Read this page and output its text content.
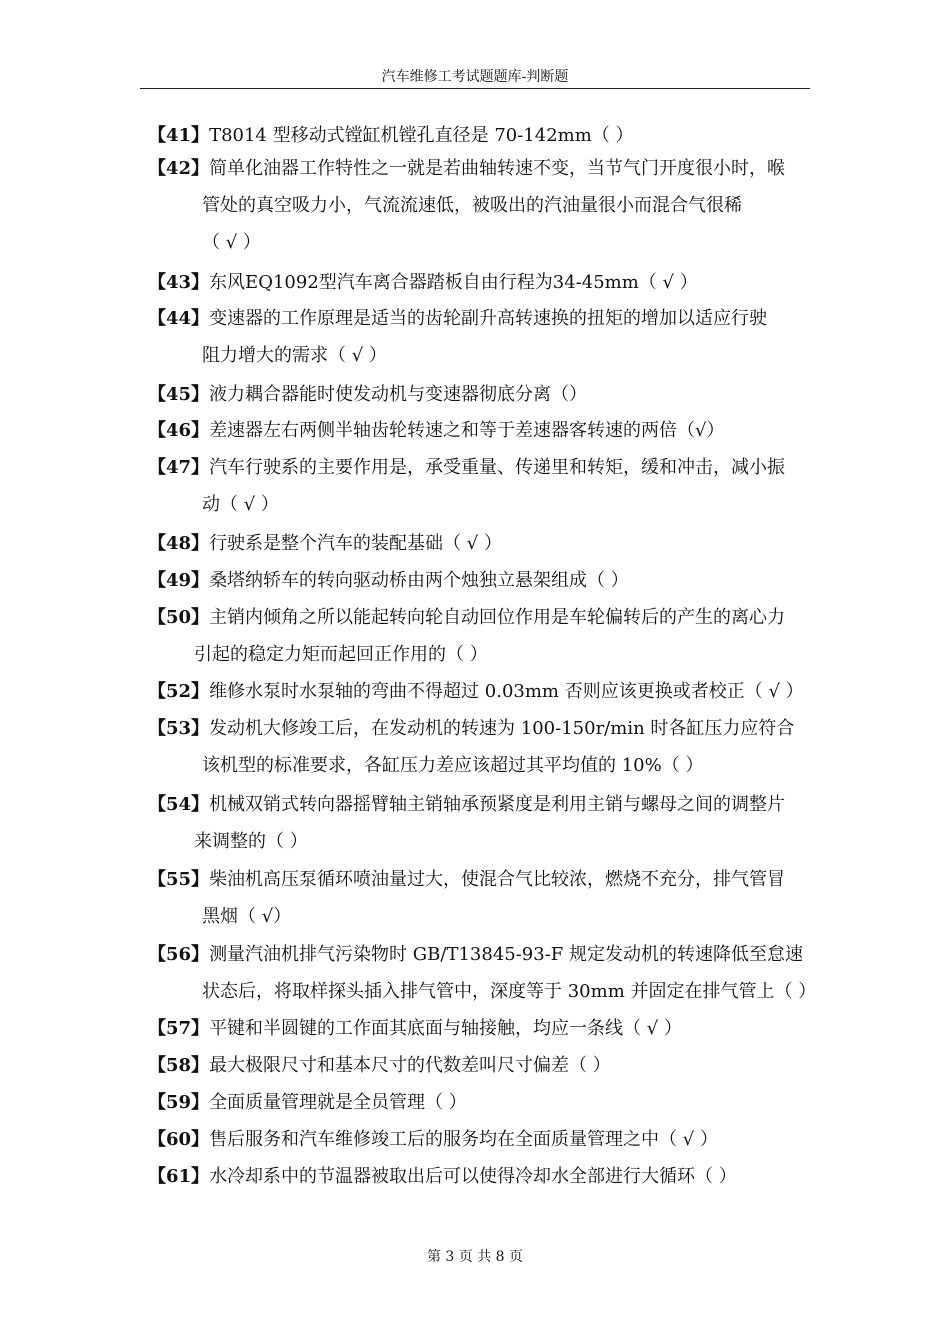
汽车维修工考试题题库-判断题
【41】T8014 型移动式镗缸机镗孔直径是 70-142mm（ ）
【42】简单化油器工作特性之一就是若曲轴转速不变，当节气门开度很小时，喉
管处的真空吸力小，气流流速低，被吸出的汽油量很小而混合气很稀
（ √ ）
【43】东风EQ1092型汽车离合器踏板自由行程为34-45mm（ √ ）
【44】变速器的工作原理是适当的齿轮副升高转速换的扭矩的增加以适应行驶
阻力增大的需求（ √ ）
【45】液力耦合器能时使发动机与变速器彻底分离（）
【46】差速器左右两侧半轴齿轮转速之和等于差速器客转速的两倍（√）
【47】汽车行驶系的主要作用是，承受重量、传递里和转矩，缓和冲击，减小振
动（ √ ）
【48】行驶系是整个汽车的装配基础（ √ ）
【49】桑塔纳轿车的转向驱动桥由两个烛独立悬架组成（ ）
【50】主销内倾角之所以能起转向轮自动回位作用是车轮偏转后的产生的离心力
引起的稳定力矩而起回正作用的（ ）
【52】维修水泵时水泵轴的弯曲不得超过 0.03mm 否则应该更换或者校正（ √ ）
【53】发动机大修竣工后，在发动机的转速为 100-150r/min 时各缸压力应符合
该机型的标准要求，各缸压力差应该超过其平均值的 10%（ ）
【54】机械双销式转向器摇臂轴主销轴承预紧度是利用主销与螺母之间的调整片
来调整的（ ）
【55】柴油机高压泵循环喷油量过大，使混合气比较浓，燃烧不充分，排气管冒
黑烟（ √）
【56】测量汽油机排气污染物时 GB/T13845-93-F 规定发动机的转速降低至怠速
状态后，将取样探头插入排气管中，深度等于 30mm 并固定在排气管上（ ）
【57】平键和半圆键的工作面其底面与轴接触，均应一条线（ √ ）
【58】最大极限尺寸和基本尺寸的代数差叫尺寸偏差（ ）
【59】全面质量管理就是全员管理（ ）
【60】售后服务和汽车维修竣工后的服务均在全面质量管理之中（ √ ）
【61】水冷却系中的节温器被取出后可以使得冷却水全部进行大循环（ ）
第 3 页 共 8 页
